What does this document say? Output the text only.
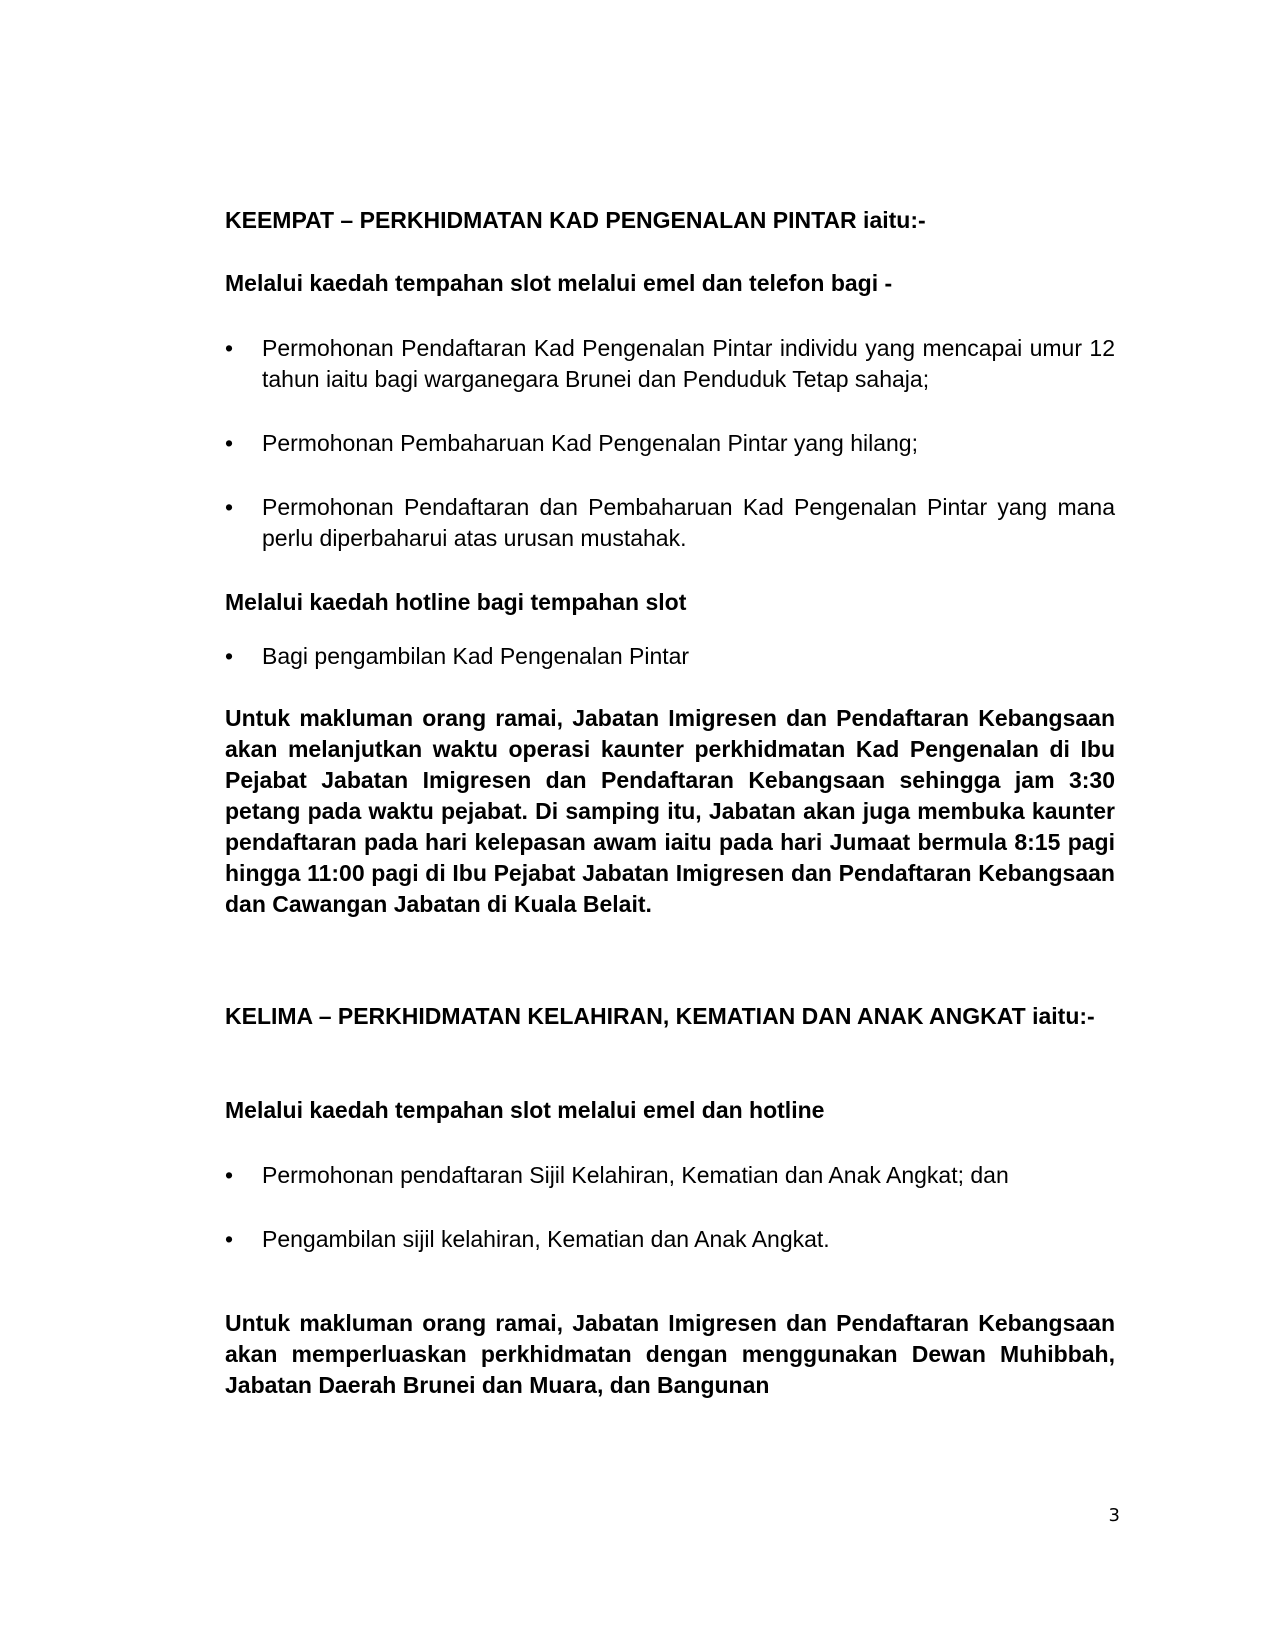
KEEMPAT – PERKHIDMATAN KAD PENGENALAN PINTAR iaitu:-

Melalui kaedah tempahan slot melalui emel dan telefon bagi -

•	Permohonan Pendaftaran Kad Pengenalan Pintar individu yang mencapai umur 12 tahun iaitu bagi warganegara Brunei dan Penduduk Tetap sahaja;
•	Permohonan Pembaharuan Kad Pengenalan Pintar yang hilang;
•	Permohonan Pendaftaran dan Pembaharuan Kad Pengenalan Pintar yang mana perlu diperbaharui atas urusan mustahak.

Melalui kaedah hotline bagi tempahan slot

•	Bagi pengambilan Kad Pengenalan Pintar

Untuk makluman orang ramai, Jabatan Imigresen dan Pendaftaran Kebangsaan akan melanjutkan waktu operasi kaunter perkhidmatan Kad Pengenalan di Ibu Pejabat Jabatan Imigresen dan Pendaftaran Kebangsaan sehingga jam 3:30 petang pada waktu pejabat. Di samping itu, Jabatan akan juga membuka kaunter pendaftaran pada hari kelepasan awam iaitu pada hari Jumaat bermula 8:15 pagi hingga 11:00 pagi di Ibu Pejabat Jabatan Imigresen dan Pendaftaran Kebangsaan dan Cawangan Jabatan di Kuala Belait.

KELIMA – PERKHIDMATAN KELAHIRAN, KEMATIAN DAN ANAK ANGKAT iaitu:-

Melalui kaedah tempahan slot melalui emel dan hotline

•	Permohonan pendaftaran Sijil Kelahiran, Kematian dan Anak Angkat; dan
•	Pengambilan sijil kelahiran, Kematian dan Anak Angkat.

Untuk makluman orang ramai, Jabatan Imigresen dan Pendaftaran Kebangsaan akan memperluaskan perkhidmatan dengan menggunakan Dewan Muhibbah, Jabatan Daerah Brunei dan Muara, dan Bangunan

3
